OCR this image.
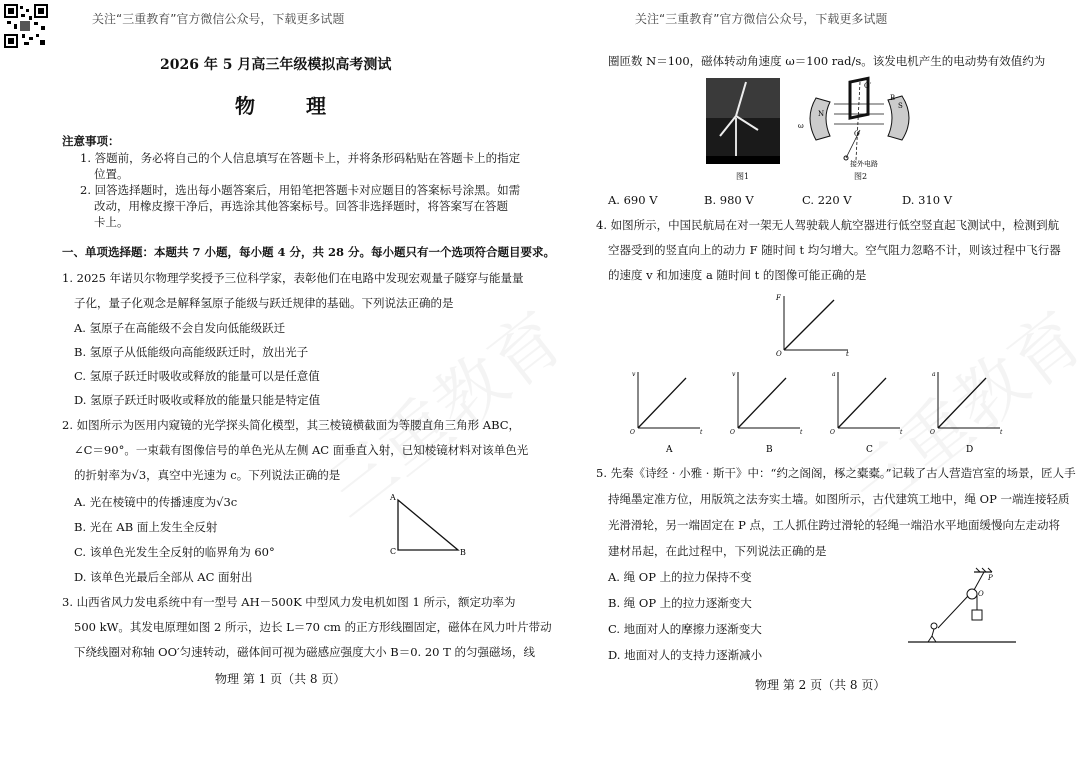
关注“三重教育”官方微信公众号，下载更多试题
2026 年 5 月高三年级模拟高考测试
物 理
注意事项：
1. 答题前，务必将自己的个人信息填写在答题卡上，并将条形码粘贴在答题卡上的指定
位置。
2. 回答选择题时，选出每小题答案后，用铅笔把答题卡对应题目的答案标号涂黑。如需
改动，用橡皮擦干净后，再选涂其他答案标号。回答非选择题时，将答案写在答题
卡上。
一、单项选择题：本题共 7 小题，每小题 4 分，共 28 分。每小题只有一个选项符合题目要求。
1. 2025 年诺贝尔物理学奖授予三位科学家，表彰他们在电路中发现宏观量子隧穿与能量量
子化，量子化观念是解释氢原子能级与跃迁规律的基础。下列说法正确的是
A. 氢原子在高能级不会自发向低能级跃迁
B. 氢原子从低能级向高能级跃迁时，放出光子
C. 氢原子跃迁时吸收或释放的能量可以是任意值
D. 氢原子跃迁时吸收或释放的能量只能是特定值
2. 如图所示为医用内窥镜的光学探头简化模型，其三棱镜横截面为等腰直角三角形 ABC，
∠C＝90°。一束载有图像信号的单色光从左侧 AC 面垂直入射，已知棱镜材料对该单色光
的折射率为√3，真空中光速为 c。下列说法正确的是
A. 光在棱镜中的传播速度为√3c
B. 光在 AB 面上发生全反射
C. 该单色光发生全反射的临界角为 60°
D. 该单色光最后全部从 AC 面射出
A
C	B
3. 山西省风力发电系统中有一型号 AH－500K 中型风力发电机如图 1 所示，额定功率为
500 kW。其发电原理如图 2 所示，边长 L＝70 cm 的正方形线圈固定，磁体在风力叶片带动
下绕线圈对称轴 OO′匀速转动，磁体间可视为磁感应强度大小 B＝0. 20 T 的匀强磁场，线
物理 第 1 页（共 8 页）
关注“三重教育”官方微信公众号，下载更多试题
圈匝数 N＝100，磁体转动角速度 ω＝100 rad/s。该发电机产生的电动势有效值约为
图1
N
S
O
O′
B
ω
接外电路
图2
A. 690 V	B. 980 V	C. 220 V	D. 310 V
4. 如图所示，中国民航局在对一架无人驾驶载人航空器进行低空竖直起飞测试中，检测到航
空器受到的竖直向上的动力 F 随时间 t 均匀增大。空气阻力忽略不计，则该过程中飞行器
的速度 v 和加速度 a 随时间 t 的图像可能正确的是
F
O	t
v
O	t
A
v
O	t
B
a
O	t
C
a
O	t
D
5. 先秦《诗经 · 小雅 · 斯干》中：“约之阁阁，椓之橐橐。”记载了古人营造宫室的场景，匠人手
持绳墨定准方位，用版筑之法夯实土墙。如图所示，古代建筑工地中，绳 OP 一端连接轻质
光滑滑轮，另一端固定在 P 点，工人抓住跨过滑轮的轻绳一端沿水平地面缓慢向左走动将
建材吊起，在此过程中，下列说法正确的是
A. 绳 OP 上的拉力保持不变
B. 绳 OP 上的拉力逐渐变大
C. 地面对人的摩擦力逐渐变大
D. 地面对人的支持力逐渐减小
P
O
物理 第 2 页（共 8 页）
